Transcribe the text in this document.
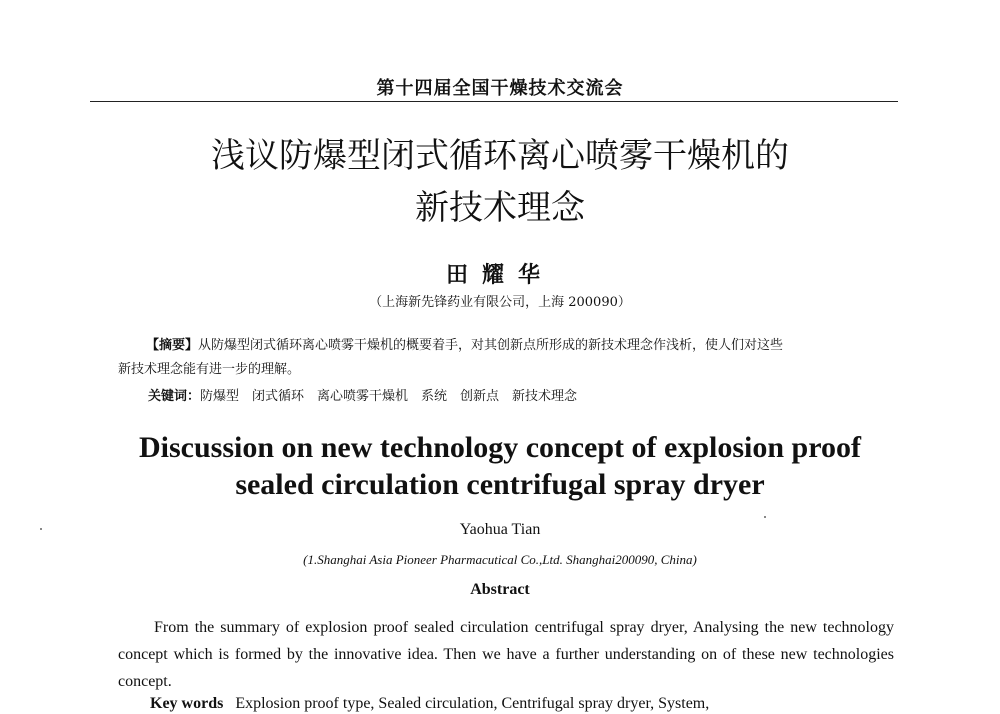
第十四届全国干燥技术交流会
浅议防爆型闭式循环离心喷雾干燥机的
新技术理念
田耀华
（上海新先锋药业有限公司，上海 200090）
【摘要】从防爆型闭式循环离心喷雾干燥机的概要着手，对其创新点所形成的新技术理念作浅析，使人们对这些
新技术理念能有进一步的理解。
关键词：防爆型　闭式循环　离心喷雾干燥机　系统　创新点　新技术理念
Discussion on new technology concept of explosion proof
sealed circulation centrifugal spray dryer
Yaohua Tian
(1.Shanghai Asia Pioneer Pharmacutical Co.,Ltd. Shanghai200090, China)
Abstract
From the summary of explosion proof sealed circulation centrifugal spray dryer, Analysing the new technology concept which is formed by the innovative idea. Then we have a further understanding on of these new technologies concept.
Key words Explosion proof type, Sealed circulation, Centrifugal spray dryer, System,
